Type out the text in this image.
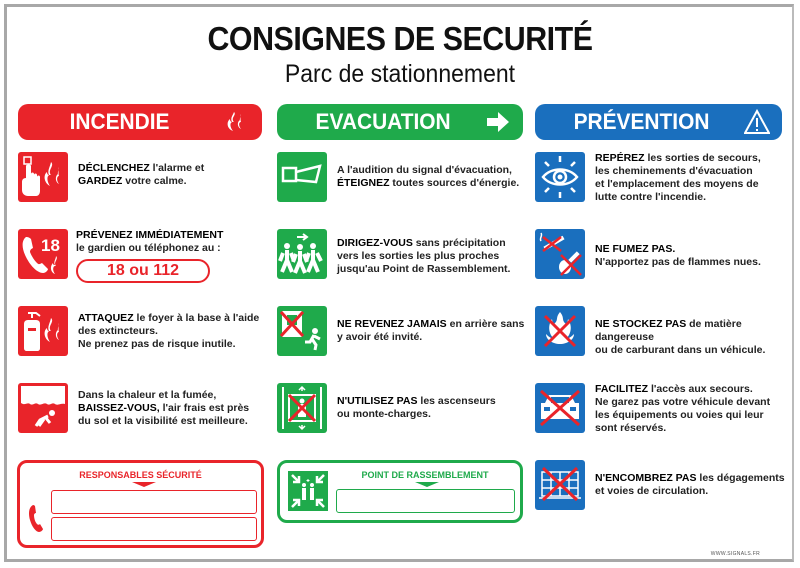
CONSIGNES DE SECURITÉ
Parc de stationnement
INCENDIE	EVACUATION	PRÉVENTION
DÉCLENCHEZ l'alarme et
GARDEZ votre calme.
18
PRÉVENEZ IMMÉDIATEMENT
le gardien ou téléphonez au :
18 ou 112
ATTAQUEZ le foyer à la base à l'aide
des extincteurs.
Ne prenez pas de risque inutile.
Dans la chaleur et la fumée,
BAISSEZ-VOUS, l'air frais est près
du sol et la visibilité est meilleure.
A l'audition du signal d'évacuation,
ÉTEIGNEZ toutes sources d'énergie.
DIRIGEZ-VOUS sans précipitation
vers les sorties les plus proches
jusqu'au Point de Rassemblement.
NE REVENEZ JAMAIS en arrière sans
y avoir été invité.
N'UTILISEZ PAS les ascenseurs
ou monte-charges.
REPÉREZ les sorties de secours,
les cheminements d'évacuation
et l'emplacement des moyens de
lutte contre l'incendie.
NE FUMEZ PAS.
N'apportez pas de flammes nues.
NE STOCKEZ PAS de matière dangereuse
ou de carburant dans un véhicule.
FACILITEZ l'accès aux secours.
Ne garez pas votre véhicule devant
les équipements ou voies qui leur
sont réservés.
N'ENCOMBREZ PAS les dégagements
et voies de circulation.
RESPONSABLES SÉCURITÉ	POINT DE RASSEMBLEMENT
WWW.SIGNALS.FR
